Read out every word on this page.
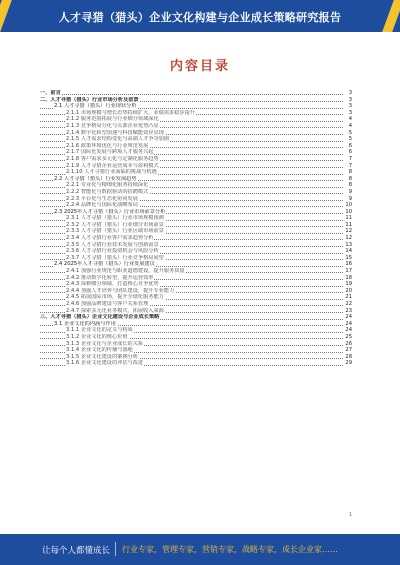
人才寻猎（猎头）企业文化构建与企业成长策略研究报告
内容目录
一、前言	3
二、人才寻猎（猎头）行业市场分析及前景	3
2.1 人才寻猎（猎头）行业现状分析	3
2.1.1 市场规模与增长态势持续扩大，业绩需求稳步提升	3
2.1.2 服务范围拓展与行业细分领域深化	4
2.1.3 竞争格局分化与头部企业优势凸显	4
2.1.4 数字化转型加速与科技赋能效应显现	5
2.1.5 人才需求结构变化与高端人才争夺加剧	5
2.1.6 政策环境优化与行业规范发展	6
2.1.7 国际化发展与跨境人才服务兴起	6
2.1.8 客户需求多元化与定制化服务趋势	7
2.1.9 人才寻猎企业运营成本与盈利模式	7
2.1.10 人才寻猎行业面临的挑战与机遇	8
2.2 人才寻猎（猎头）行业发展趋势	8
2.2.1 专业化与精细化服务持续深化	8
2.2.2 智能化与数据驱动的招聘模式	9
2.2.3 平台化与生态化协同发展	9
2.2.4 品牌化与国际化战略布局	10
2.3 2025年人才寻猎（猎头）行业市场前景分析	10
2.3.1 人才寻猎（猎头）行业市场规模预测	11
2.3.2 人才寻猎（猎头）行业细分市场前景	11
2.3.3 人才寻猎（猎头）行业区域市场前景	12
2.3.4 人才寻猎行业客户需求趋势分析	12
2.3.5 人才寻猎行业技术发展与创新前景	13
2.3.6 人才寻猎行业投资机会与风险分析	14
2.3.7 人才寻猎（猎头）行业竞争格局展望	15
2.4 2025年人才寻猎（猎头）行业发展建议	16
2.4.1 加强行业规范与职业道德建设，提升服务质量	17
2.4.2 推动数字化转型，提升运营效率	18
2.4.3 深耕细分领域，打造核心竞争优势	19
2.4.4 加强人才培养与团队建设，提升专业能力	20
2.4.5 拓展国际市场，提升全球化服务能力	21
2.4.6 加强品牌建设与客户关系管理	22
2.4.7 探索多元化业务模式，拓展收入来源	23
三、人才寻猎（猎头）企业文化建设与企业成长策略	24
3.1 企业文化的内涵与作用	24
3.1.1 企业文化的定义与构成	24
3.1.2 企业文化的核心价值	25
3.1.3 企业文化与企业成长的关系	26
3.1.4 企业文化的传播与落地	27
3.1.5 企业文化建设的案例分析	28
3.1.6 企业文化建设的评估与改进	29
1
让每个人都懂成长 行业专家，管理专家，营销专家，战略专家，成长企业家……
